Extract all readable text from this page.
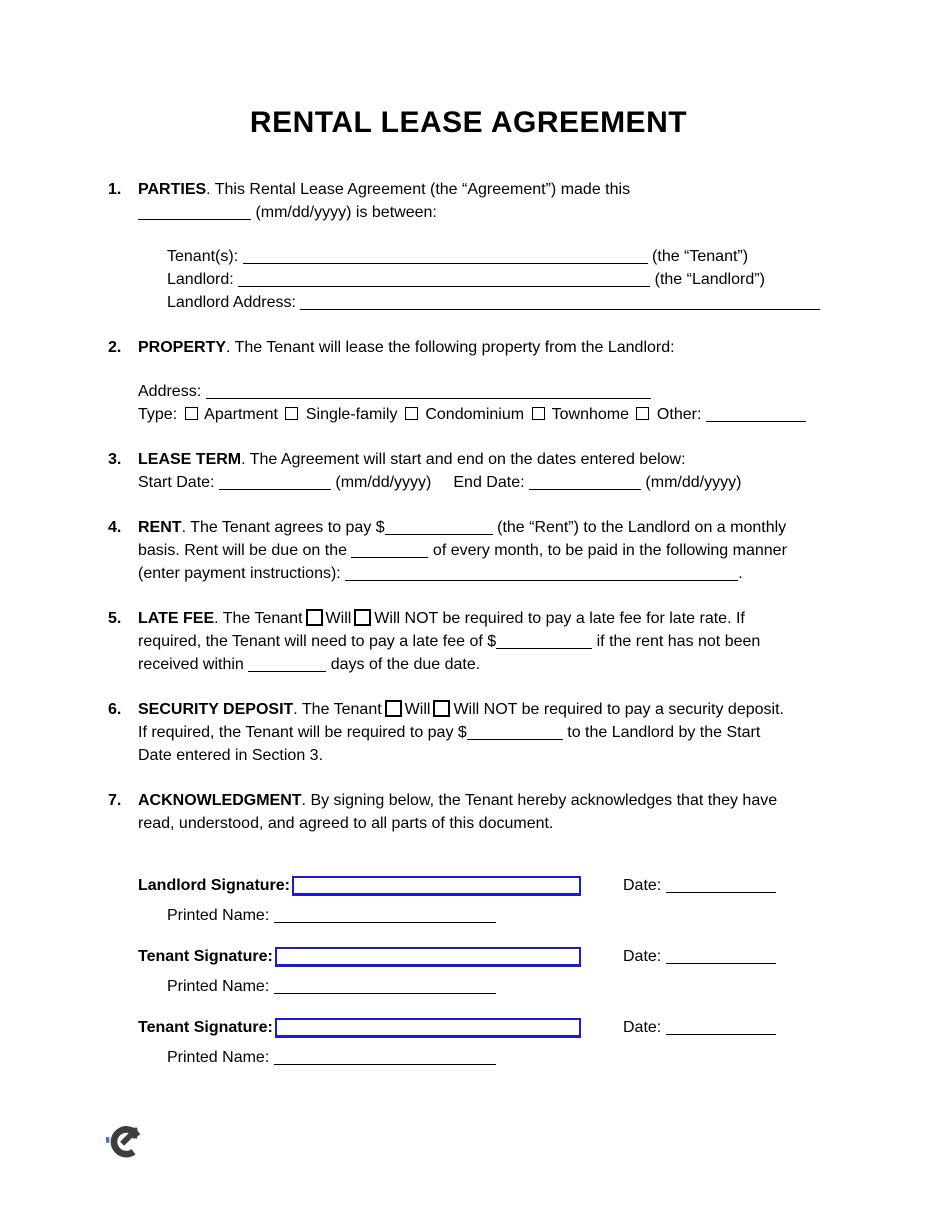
RENTAL LEASE AGREEMENT
1.	PARTIES. This Rental Lease Agreement (the “Agreement”) made this
(mm/dd/yyyy) is between:
Tenant(s):	(the “Tenant”)
Landlord:	(the “Landlord”)
Landlord Address:
2.	PROPERTY. The Tenant will lease the following property from the Landlord:
Address:
Type:  Apartment  Single-family  Condominium  Townhome  Other:
3.	LEASE TERM. The Agreement will start and end on the dates entered below:
Start Date:	(mm/dd/yyyy) End Date:	(mm/dd/yyyy)
4.	RENT. The Tenant agrees to pay $	(the “Rent”) to the Landlord on a monthly
basis. Rent will be due on the	of every month, to be paid in the following manner
(enter payment instructions):	.
5.	LATE FEE. The Tenant Will Will NOT be required to pay a late fee for late rate. If
required, the Tenant will need to pay a late fee of $	if the rent has not been
received within	days of the due date.
6.	SECURITY DEPOSIT. The Tenant Will Will NOT be required to pay a security deposit.
If required, the Tenant will be required to pay $	to the Landlord by the Start
Date entered in Section 3.
7.	ACKNOWLEDGMENT. By signing below, the Tenant hereby acknowledges that they have
read, understood, and agreed to all parts of this document.
Landlord Signature:	Date:
Printed Name:
Tenant Signature:	Date:
Printed Name:
Tenant Signature:	Date:
Printed Name:
